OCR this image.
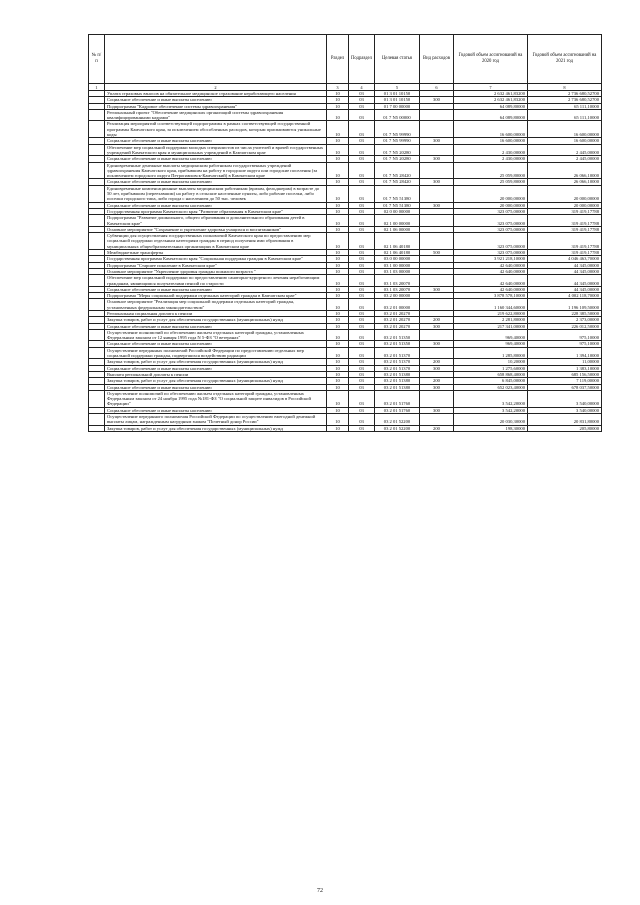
№ п/п		Раздел	Подраздел	Целевая статья	Вид расходов	Годовой объем ассигнований на 2020 год	Годовой объем ассигнований на 2021 год
1	2	3	4	5	6	7	8
	Уплата страховых взносов на обязательное медицинское страхование неработающего населения	10	03	01 3 01 10150		2 632 461,83200	2 736 680,52700
	Социальное обеспечение и иные выплаты населению	10	03	01 3 01 10150	300	2 632 461,83200	2 736 680,52700
	Подпрограмма "Кадровое обеспечение системы здравоохранения"	10	03	01 7 00 00000		64 089,80000	65 111,10000
	Региональный проект "Обеспечение медицинских организаций системы здравоохранения квалифицированными кадрами"	10	03	01 7 N5 00000		64 089,80000	65 111,10000
	Реализация мероприятий соответствующей подпрограммы в рамках соответствующей государственной программы Камчатского края, за исключением обособленных расходов, которым присваиваются уникальные коды	10	03	01 7 N5 99990		16 600,00000	16 600,00000
	Социальное обеспечение и иные выплаты населению	10	03	01 7 N5 99990	300	16 600,00000	16 600,00000
	Обеспечение мер социальной поддержки молодых специалистов из числа учителей и врачей государственных учреждений Камчатского края и муниципальных учреждений в Камчатском крае	10	03	01 7 N5 20280		2 430,00000	2 445,00000
	Социальное обеспечение и иные выплаты населению	10	03	01 7 N5 20280	300	2 430,00000	2 445,00000
	Единовременные денежные выплаты медицинским работникам государственных учреждений здравоохранения Камчатского края, прибывшим на работу в городские округа или городские поселения (за исключением городского округа Петропавловск-Камчатский) в Камчатском крае	10	03	01 7 N5 28420		25 059,80000	26 066,10000
	Социальное обеспечение и иные выплаты населению	10	03	01 7 N5 28420	300	25 059,80000	26 066,10000
	Единовременные компенсационные выплаты медицинским работникам (врачам, фельдшерам) в возрасте до 50 лет, прибывшим (переехавшим) на работу в сельские населенные пункты, либо рабочие поселки, либо поселки городского типа, либо города с населением до 50 тыс. человек	10	03	01 7 N5 51380		20 000,00000	20 000,00000
	Социальное обеспечение и иные выплаты населению	10	03	01 7 N5 51380	300	20 000,00000	20 000,00000
	Государственная программа Камчатского края "Развитие образования в Камчатском крае"	10	03	02 0 00 00000		323 075,00000	319 419,17788
	Подпрограмма "Развитие дошкольного, общего образования и дополнительного образования детей в Камчатском крае"	10	03	02 1 00 00000		323 075,00000	319 419,17788
	Основное мероприятие "Сохранение и укрепление здоровья учащихся и воспитанников"	10	03	02 1 06 00000		323 075,00000	319 419,17788
	Субвенции для осуществления государственных полномочий Камчатского края по предоставлению мер социальной поддержки отдельным категориям граждан в период получения ими образования в муниципальных общеобразовательных организациях в Камчатском крае	10	03	02 1 06 40180		323 075,00000	319 419,17788
	Межбюджетные трансферты	10	03	02 1 06 40180	500	323 075,00000	319 419,17788
	Государственная программа Камчатского края "Социальная поддержка граждан в Камчатском крае"	10	03	03 0 00 00000		3 921 218,10000	4 046 463,70000
	Подпрограмма "Старшее поколение в Камчатском крае"	10	03	03 1 00 00000		42 640,00000	44 345,00000
	Основное мероприятие "Укрепление здоровья граждан пожилого возраста "	10	03	03 1 03 00000		42 640,00000	44 345,00000
	Обеспечение мер социальной поддержки по предоставлению санаторно-курортного лечения неработающим гражданам, являющимся получателями пенсий по старости	10	03	03 1 03 20070		42 640,00000	44 345,00000
	Социальное обеспечение и иные выплаты населению	10	03	03 1 03 20070	300	42 640,00000	44 345,00000
	Подпрограмма "Меры социальной поддержки отдельных категорий граждан в Камчатском крае"	10	03	03 2 00 00000		3 878 578,10000	4 002 118,70000
	Основное мероприятие "Реализация мер социальной поддержки отдельных категорий граждан, установленных федеральным законодательством"	10	03	03 2 01 00000		1 160 344,60000	1 196 109,50000
	Региональная социальная доплата к пенсии	10	03	03 2 01 20270		219 622,80000	228 385,50000
	Закупка товаров, работ и услуг для обеспечения государственных (муниципальных) нужд	10	03	03 2 01 20270	200	2 281,80000	2 373,00000
	Социальное обеспечение и иные выплаты населению	10	03	03 2 01 20270	300	217 341,00000	226 012,50000
	Осуществление полномочий по обеспечению жильем отдельных категорий граждан, установленных Федеральным законом от 12 января 1995 года N 5-ФЗ "О ветеранах"	10	03	03 2 01 51350		969,40000	975,10000
	Социальное обеспечение и иные выплаты населению	10	03	03 2 01 51350	300	969,40000	975,10000
	Осуществление переданных полномочий Российской Федерации по предоставлению отдельных мер социальной поддержки граждан, подвергшихся воздействию радиации	10	03	03 2 01 51370		1 285,80000	1 394,10000
	Закупка товаров, работ и услуг для обеспечения государственных (муниципальных) нужд	10	03	03 2 01 51370	200	10,20000	11,00000
	Социальное обеспечение и иные выплаты населению	10	03	03 2 01 51370	300	1 275,60000	1 383,10000
	Выплата региональной доплаты к пенсии	10	03	03 2 01 51380		658 868,40000	685 156,50000
	Закупка товаров, работ и услуг для обеспечения государственных (муниципальных) нужд	10	03	03 2 01 51380	200	6 845,00000	7 119,00000
	Социальное обеспечение и иные выплаты населению	10	03	03 2 01 51380	300	652 023,40000	678 037,50000
	Осуществление полномочий по обеспечению жильем отдельных категорий граждан, установленных Федеральным законом от 24 ноября 1995 года №181-ФЗ "О социальной защите инвалидов в Российской Федерации"	10	03	03 2 01 51760		3 542,20000	3 540,00000
	Социальное обеспечение и иные выплаты населению	10	03	03 2 01 51760	300	3 542,20000	3 540,00000
	Осуществление переданного полномочия Российской Федерации по осуществлению ежегодной денежной выплаты лицам, награжденным нагрудным знаком "Почетный донор России"	10	03	03 2 01 52200		20 030,30000	20 831,80000
	Закупка товаров, работ и услуг для обеспечения государственных (муниципальных) нужд	10	03	03 2 01 52200	200	198,30000	205,80000
72
